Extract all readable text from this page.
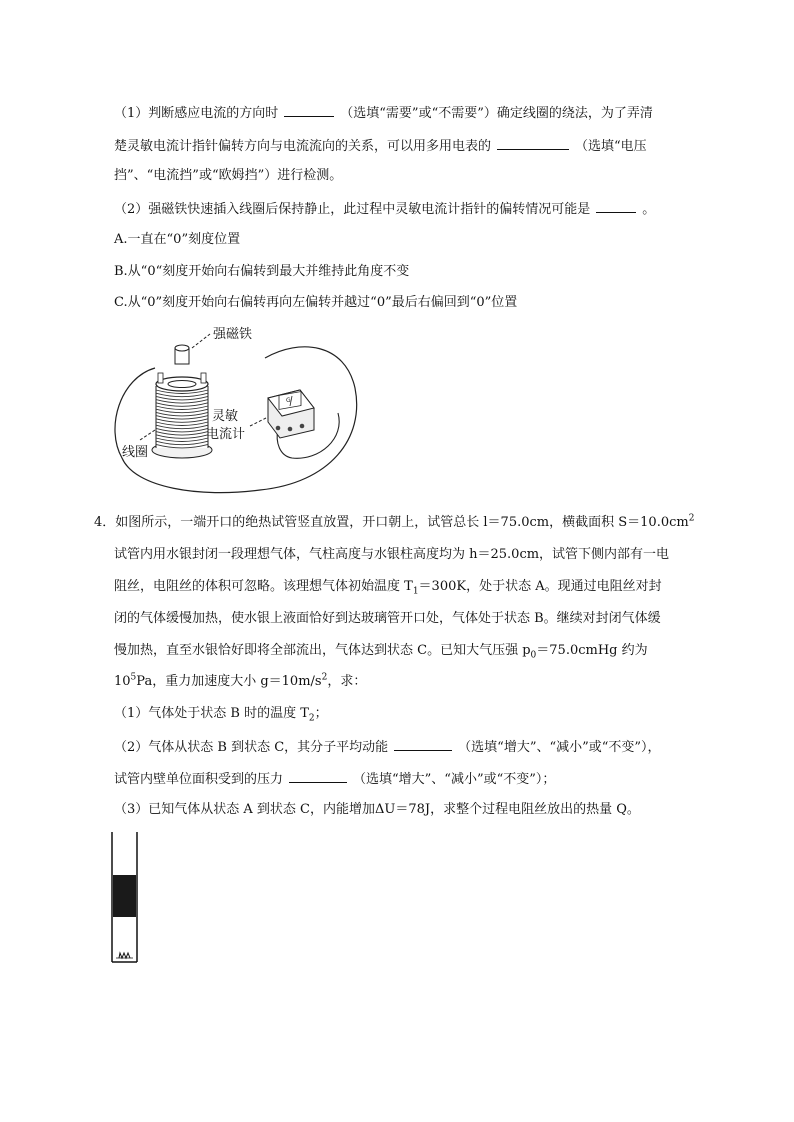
（1）判断感应电流的方向时	（选填“需要”或“不需要”）确定线圈的绕法，为了弄清
楚灵敏电流计指针偏转方向与电流流向的关系，可以用多用电表的	（选填“电压
挡”、“电流挡”或“欧姆挡”）进行检测。
（2）强磁铁快速插入线圈后保持静止，此过程中灵敏电流计指针的偏转情况可能是	。
A.一直在“0”刻度位置
B.从“0“刻度开始向右偏转到最大并维持此角度不变
C.从“0”刻度开始向右偏转再向左偏转并越过“0”最后右偏回到“0”位置
强磁铁
线圈
灵敏
电流计
G
4．如图所示，一端开口的绝热试管竖直放置，开口朝上，试管总长 l＝75.0cm，横截面积 $S=10.0cm^2$
试管内用水银封闭一段理想气体，气柱高度与水银柱高度均为 h＝25.0cm，试管下侧内部有一电
阻丝，电阻丝的体积可忽略。该理想气体初始温度 $T_1=300K$，处于状态 A。现通过电阻丝对封
闭的气体缓慢加热，使水银上液面恰好到达玻璃管开口处，气体处于状态 B。继续对封闭气体缓
慢加热，直至水银恰好即将全部流出，气体达到状态 C。已知大气压强 $p_0=75.0cmHg$ 约为
$10^5Pa$，重力加速度大小 $g=10m/s^2$，求：
（1）气体处于状态 B 时的温度 $T_2$；
（2）气体从状态 B 到状态 C，其分子平均动能	（选填“增大”、“减小”或“不变”），
试管内壁单位面积受到的压力	（选填“增大”、“减小”或“不变”）；
（3）已知气体从状态 A 到状态 C，内能增加ΔU＝78J，求整个过程电阻丝放出的热量 Q。
